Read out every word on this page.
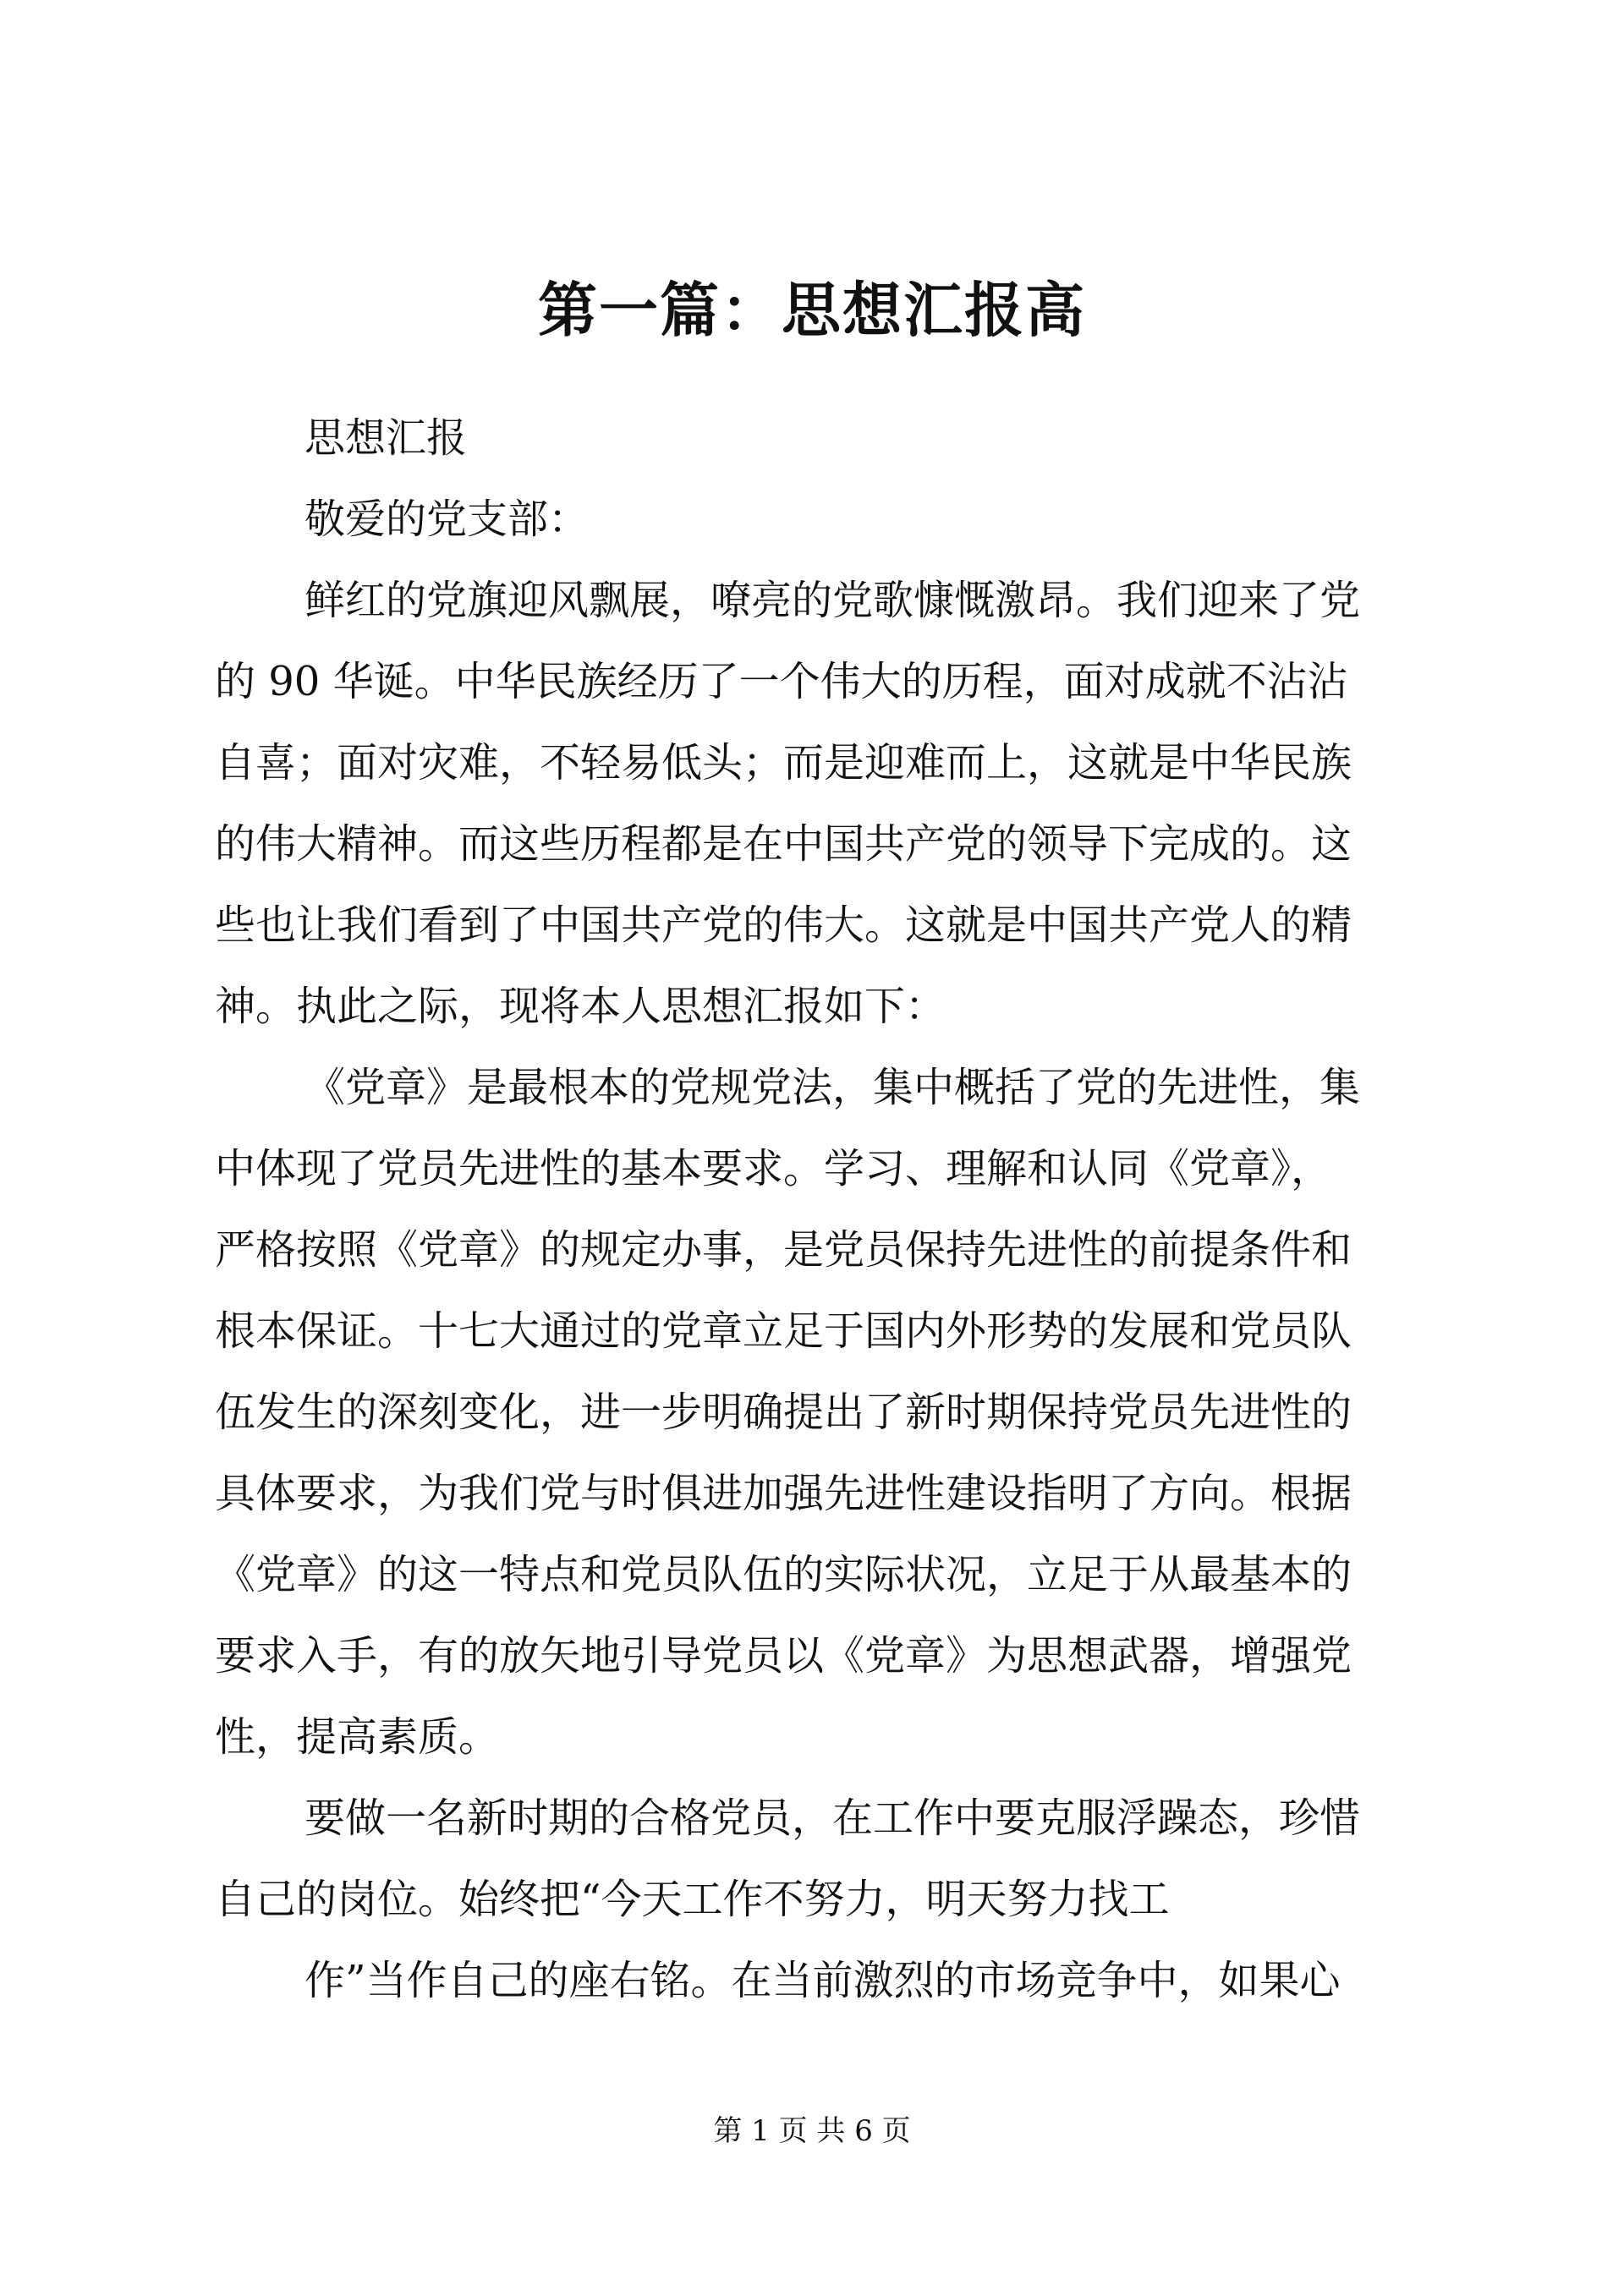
第一篇：思想汇报高
思想汇报
敬爱的党支部：
鲜红的党旗迎风飘展，嘹亮的党歌慷慨激昂。我们迎来了党
的 90 华诞。中华民族经历了一个伟大的历程，面对成就不沾沾
自喜；面对灾难，不轻易低头；而是迎难而上，这就是中华民族
的伟大精神。而这些历程都是在中国共产党的领导下完成的。这
些也让我们看到了中国共产党的伟大。这就是中国共产党人的精
神。执此之际，现将本人思想汇报如下：
《党章》是最根本的党规党法，集中概括了党的先进性，集
中体现了党员先进性的基本要求。学习、理解和认同《党章》，
严格按照《党章》的规定办事，是党员保持先进性的前提条件和
根本保证。十七大通过的党章立足于国内外形势的发展和党员队
伍发生的深刻变化，进一步明确提出了新时期保持党员先进性的
具体要求，为我们党与时俱进加强先进性建设指明了方向。根据
《党章》的这一特点和党员队伍的实际状况，立足于从最基本的
要求入手，有的放矢地引导党员以《党章》为思想武器，增强党
性，提高素质。
要做一名新时期的合格党员，在工作中要克服浮躁态，珍惜
自己的岗位。始终把“今天工作不努力，明天努力找工
作”当作自己的座右铭。在当前激烈的市场竞争中，如果心
第 1 页 共 6 页
